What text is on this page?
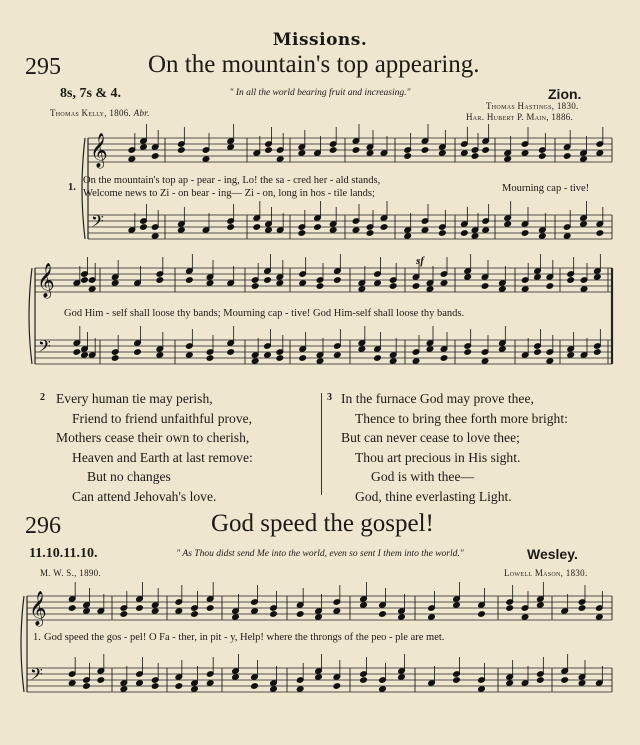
Missions.
295	On the mountain's top appearing.
8s, 7s & 4.	" In all the world bearing fruit and increasing."	Zion.
Thomas Kelly, 1806. Abr.
Thomas Hastings, 1830.
Har. Hubert P. Main, 1886.
𝄞
𝄢
𝄞
𝄢
𝄞
𝄢
1.
On the mountain's top ap - pear - ing, Lo! the sa - cred her - ald stands,
Welcome news to Zi - on bear - ing— Zi - on, long in hos - tile lands;	Mourning cap - tive!
God Him - self shall loose thy bands; Mourning cap - tive! God Him-self shall loose thy bands.
sf
2 Every human tie may perish,
Friend to friend unfaithful prove,
Mothers cease their own to cherish,
Heaven and Earth at last remove:
But no changes
Can attend Jehovah's love.
3 In the furnace God may prove thee,
Thence to bring thee forth more bright:
But can never cease to love thee;
Thou art precious in His sight.
God is with thee—
God, thine everlasting Light.
296	God speed the gospel!
11.10.11.10.	" As Thou didst send Me into the world, even so sent I them into the world."	Wesley.
M. W. S., 1890.	Lowell Mason, 1830.
1. God speed the gos - pel! O Fa - ther, in pit - y, Help! where the throngs of the peo - ple are met.
